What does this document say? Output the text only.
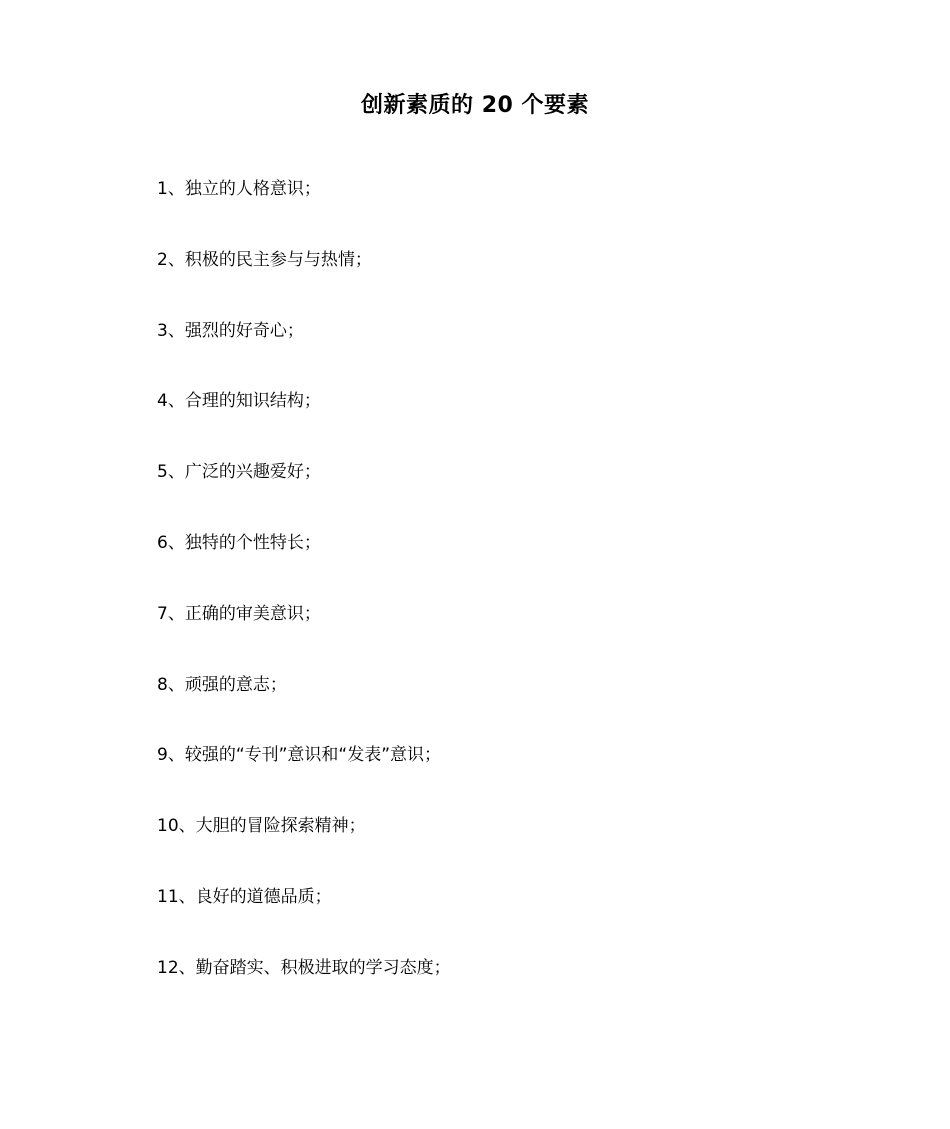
创新素质的 20 个要素
1、独立的人格意识；
2、积极的民主参与与热情；
3、强烈的好奇心；
4、合理的知识结构；
5、广泛的兴趣爱好；
6、独特的个性特长；
7、正确的审美意识；
8、顽强的意志；
9、较强的“专刊”意识和“发表”意识；
10、大胆的冒险探索精神；
11、良好的道德品质；
12、勤奋踏实、积极进取的学习态度；
